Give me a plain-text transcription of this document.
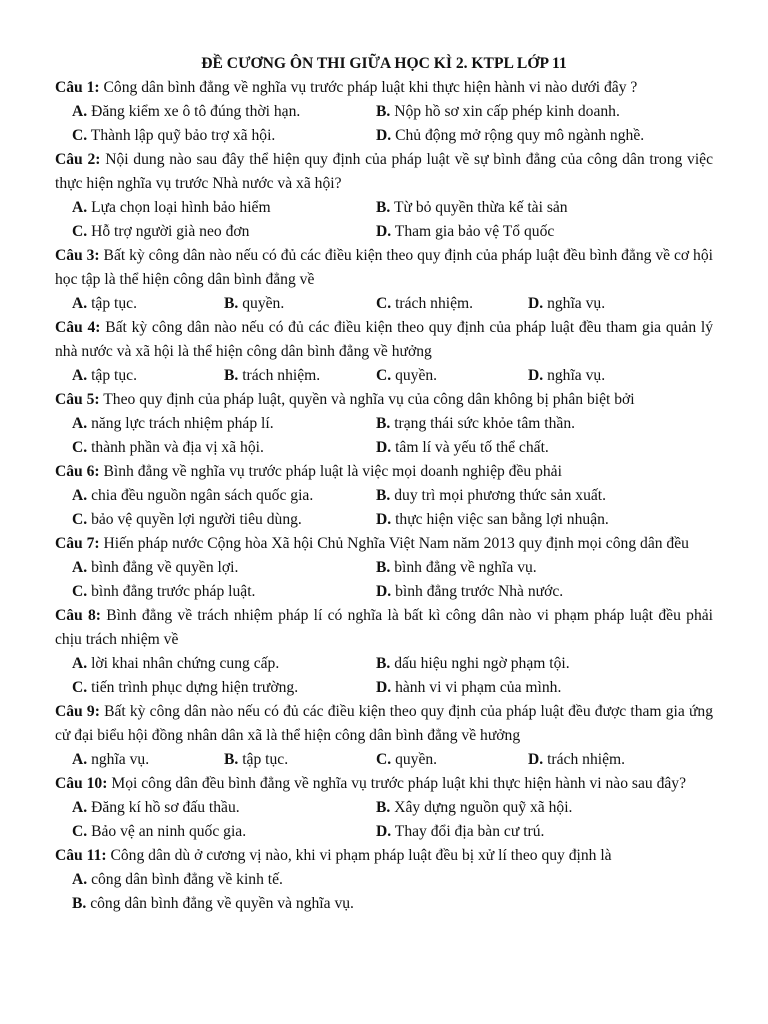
ĐỀ CƯƠNG ÔN THI GIỮA HỌC KÌ 2. KTPL LỚP 11

Câu 1: Công dân bình đẳng về nghĩa vụ trước pháp luật khi thực hiện hành vi nào dưới đây ?
A. Đăng kiểm xe ô tô đúng thời hạn.	B. Nộp hồ sơ xin cấp phép kinh doanh.
C. Thành lập quỹ bảo trợ xã hội.	D. Chủ động mở rộng quy mô ngành nghề.
Câu 2: Nội dung nào sau đây thể hiện quy định của pháp luật về sự bình đẳng của công dân trong việc thực hiện nghĩa vụ trước Nhà nước và xã hội?
A. Lựa chọn loại hình bảo hiểm	B. Từ bỏ quyền thừa kế tài sản
C. Hỗ trợ người già neo đơn	D. Tham gia bảo vệ Tổ quốc
Câu 3: Bất kỳ công dân nào nếu có đủ các điều kiện theo quy định của pháp luật đều bình đẳng về cơ hội học tập là thể hiện công dân bình đẳng về
A. tập tục.	B. quyền.	C. trách nhiệm.	D. nghĩa vụ.
Câu 4: Bất kỳ công dân nào nếu có đủ các điều kiện theo quy định của pháp luật đều tham gia quản lý nhà nước và xã hội là thể hiện công dân bình đẳng về hưởng
A. tập tục.	B. trách nhiệm.	C. quyền.	D. nghĩa vụ.
Câu 5: Theo quy định của pháp luật, quyền và nghĩa vụ của công dân không bị phân biệt bởi
A. năng lực trách nhiệm pháp lí.	B. trạng thái sức khỏe tâm thần.
C. thành phần và địa vị xã hội.	D. tâm lí và yếu tố thể chất.
Câu 6: Bình đẳng về nghĩa vụ trước pháp luật là việc mọi doanh nghiệp đều phải
A. chia đều nguồn ngân sách quốc gia.	B. duy trì mọi phương thức sản xuất.
C. bảo vệ quyền lợi người tiêu dùng.	D. thực hiện việc san bằng lợi nhuận.
Câu 7: Hiến pháp nước Cộng hòa Xã hội Chủ Nghĩa Việt Nam năm 2013 quy định mọi công dân đều
A. bình đẳng về quyền lợi.	B. bình đẳng về nghĩa vụ.
C. bình đẳng trước pháp luật.	D. bình đẳng trước Nhà nước.
Câu 8: Bình đẳng về trách nhiệm pháp lí có nghĩa là bất kì công dân nào vi phạm pháp luật đều phải chịu trách nhiệm về
A. lời khai nhân chứng cung cấp.	B. dấu hiệu nghi ngờ phạm tội.
C. tiến trình phục dựng hiện trường.	D. hành vi vi phạm của mình.
Câu 9: Bất kỳ công dân nào nếu có đủ các điều kiện theo quy định của pháp luật đều được tham gia ứng cử đại biểu hội đồng nhân dân xã là thể hiện công dân bình đẳng về hưởng
A. nghĩa vụ.	B. tập tục.	C. quyền.	D. trách nhiệm.
Câu 10: Mọi công dân đều bình đẳng về nghĩa vụ trước pháp luật khi thực hiện hành vi nào sau đây?
A. Đăng kí hồ sơ đấu thầu.	B. Xây dựng nguồn quỹ xã hội.
C. Bảo vệ an ninh quốc gia.	D. Thay đổi địa bàn cư trú.
Câu 11: Công dân dù ở cương vị nào, khi vi phạm pháp luật đều bị xử lí theo quy định là
A. công dân bình đẳng về kinh tế.
B. công dân bình đẳng về quyền và nghĩa vụ.
